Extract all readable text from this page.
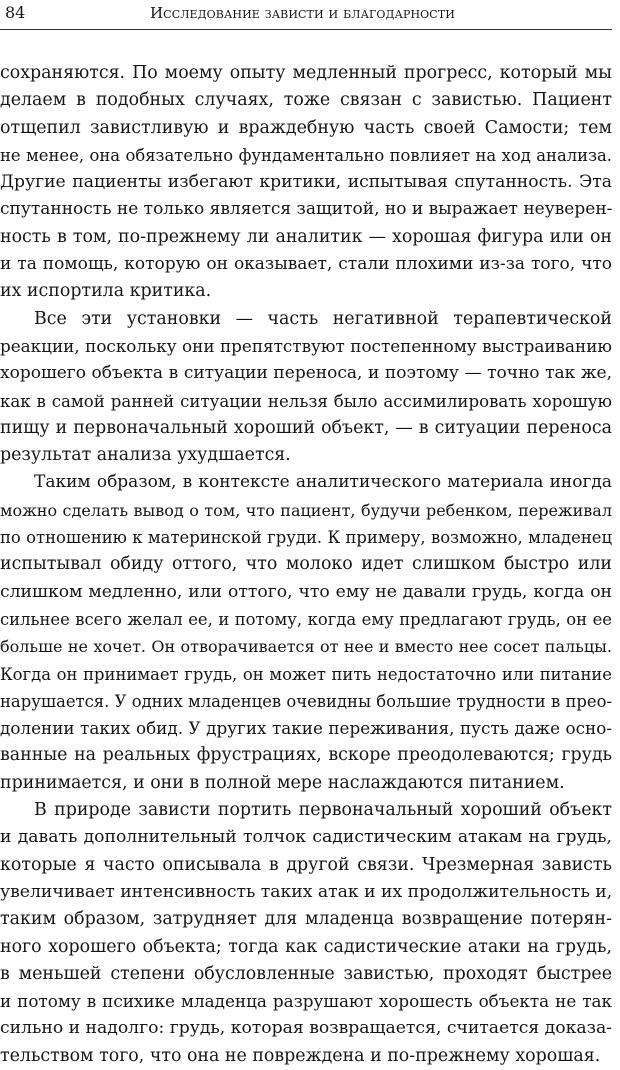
84	Исследование зависти и благодарности

сохраняются. По моему опыту медленный прогресс, который мы
делаем в подобных случаях, тоже связан с завистью. Пациент
отщепил завистливую и враждебную часть своей Самости; тем
не менее, она обязательно фундаментально повлияет на ход анализа.
Другие пациенты избегают критики, испытывая спутанность. Эта
спутанность не только является защитой, но и выражает неуверен-
ность в том, по-прежнему ли аналитик — хорошая фигура или он
и та помощь, которую он оказывает, стали плохими из-за того, что
их испортила критика.

Все эти установки — часть негативной терапевтической
реакции, поскольку они препятствуют постепенному выстраиванию
хорошего объекта в ситуации переноса, и поэтому — точно так же,
как в самой ранней ситуации нельзя было ассимилировать хорошую
пищу и первоначальный хороший объект, — в ситуации переноса
результат анализа ухудшается.

Таким образом, в контексте аналитического материала иногда
можно сделать вывод о том, что пациент, будучи ребенком, переживал
по отношению к материнской груди. К примеру, возможно, младенец
испытывал обиду оттого, что молоко идет слишком быстро или
слишком медленно, или оттого, что ему не давали грудь, когда он
сильнее всего желал ее, и потому, когда ему предлагают грудь, он ее
больше не хочет. Он отворачивается от нее и вместо нее сосет пальцы.
Когда он принимает грудь, он может пить недостаточно или питание
нарушается. У одних младенцев очевидны большие трудности в прео-
долении таких обид. У других такие переживания, пусть даже осно-
ванные на реальных фрустрациях, вскоре преодолеваются; грудь
принимается, и они в полной мере наслаждаются питанием.

В природе зависти портить первоначальный хороший объект
и давать дополнительный толчок садистическим атакам на грудь,
которые я часто описывала в другой связи. Чрезмерная зависть
увеличивает интенсивность таких атак и их продолжительность и,
таким образом, затрудняет для младенца возвращение потерян-
ного хорошего объекта; тогда как садистические атаки на грудь,
в меньшей степени обусловленные завистью, проходят быстрее
и потому в психике младенца разрушают хорошесть объекта не так
сильно и надолго: грудь, которая возвращается, считается доказа-
тельством того, что она не повреждена и по-прежнему хорошая.
